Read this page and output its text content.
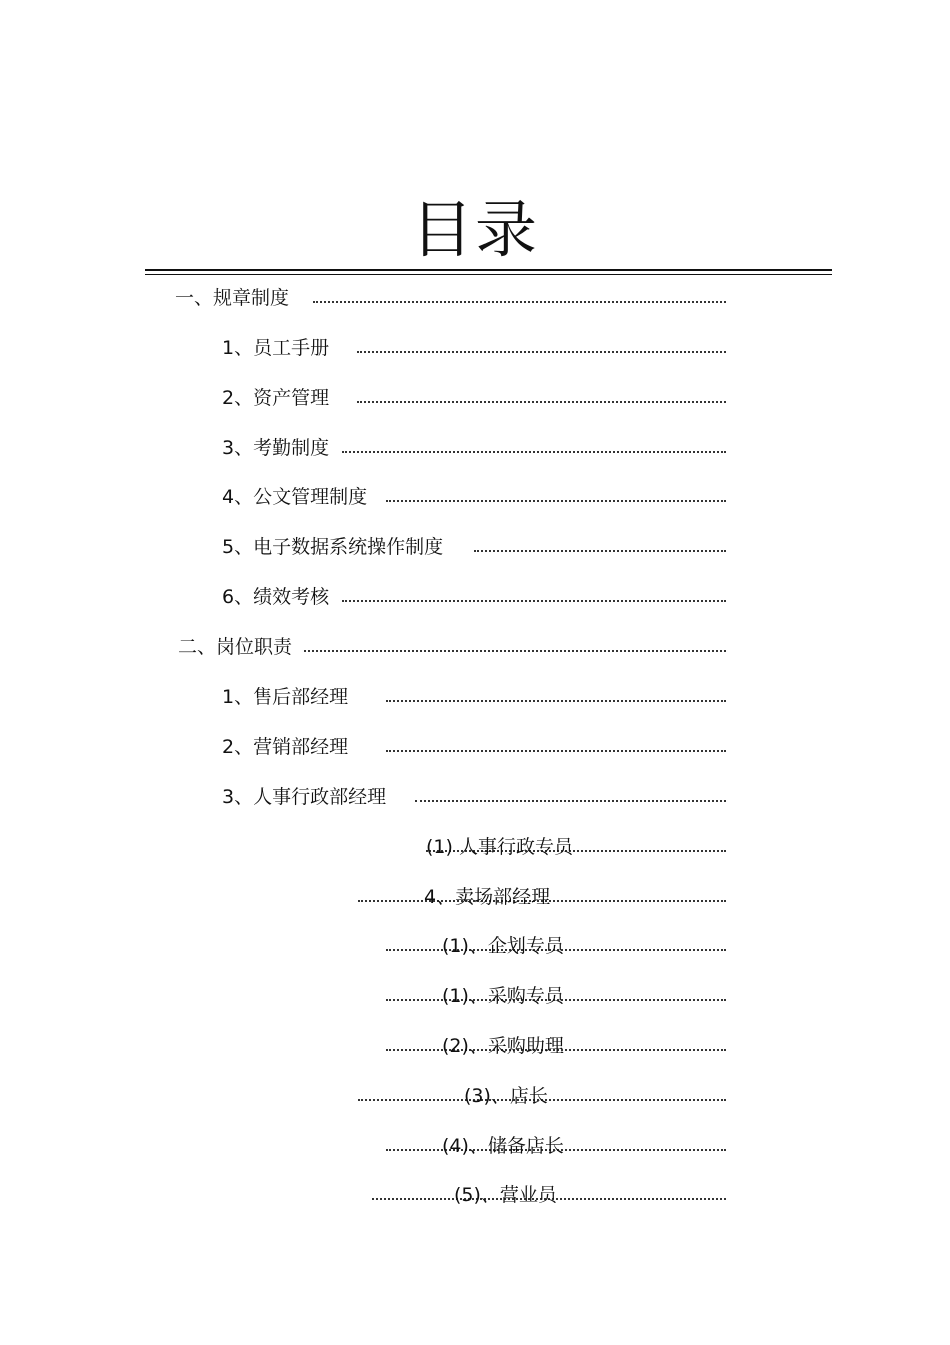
目录
一、规章制度
1、员工手册
2、资产管理
3、考勤制度
4、公文管理制度
5、电子数据系统操作制度
6、绩效考核
二、岗位职责
1、售后部经理
2、营销部经理
3、人事行政部经理
(1) 人事行政专员
4、卖场部经理
(1)、企划专员
(1)、采购专员
(2)、采购助理
(3)、店长
(4)、储备店长
(5)、营业员
